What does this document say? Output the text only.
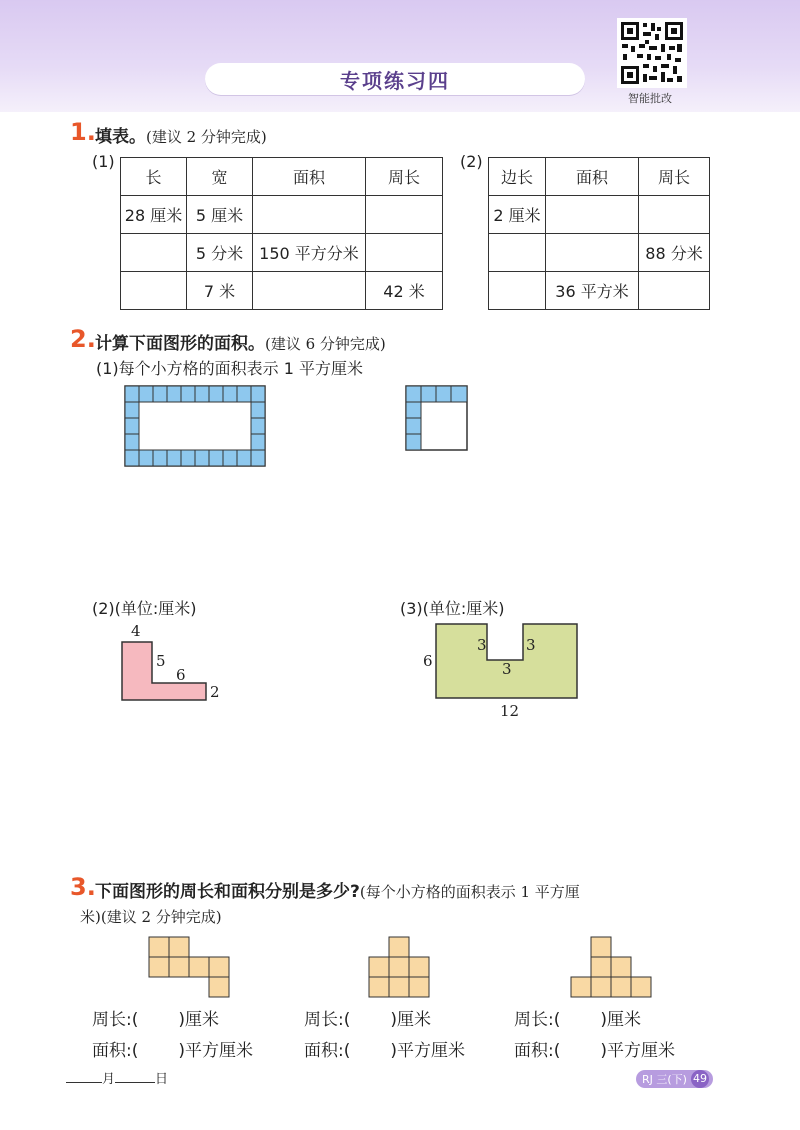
专项练习四
智能批改
1. 填表。(建议 2 分钟完成)
(1)
长	宽	面积	周长
28 厘米	5 厘米		
	5 分米	150 平方分米	
	7 米		42 米
(2)
边长	面积	周长
2 厘米		
		88 分米
	36 平方米	
2. 计算下面图形的面积。(建议 6 分钟完成)
(1)每个小方格的面积表示 1 平方厘米
(2)(单位:厘米)	(3)(单位:厘米)
4
5
6
2
6
3	3
3
12
3. 下面图形的周长和面积分别是多少?(每个小方格的面积表示 1 平方厘
米)(建议 2 分钟完成)
周长:( )厘米
面积:( )平方厘米
周长:( )厘米
面积:( )平方厘米
周长:( )厘米
面积:( )平方厘米
月	日	RJ 三(下) 49
